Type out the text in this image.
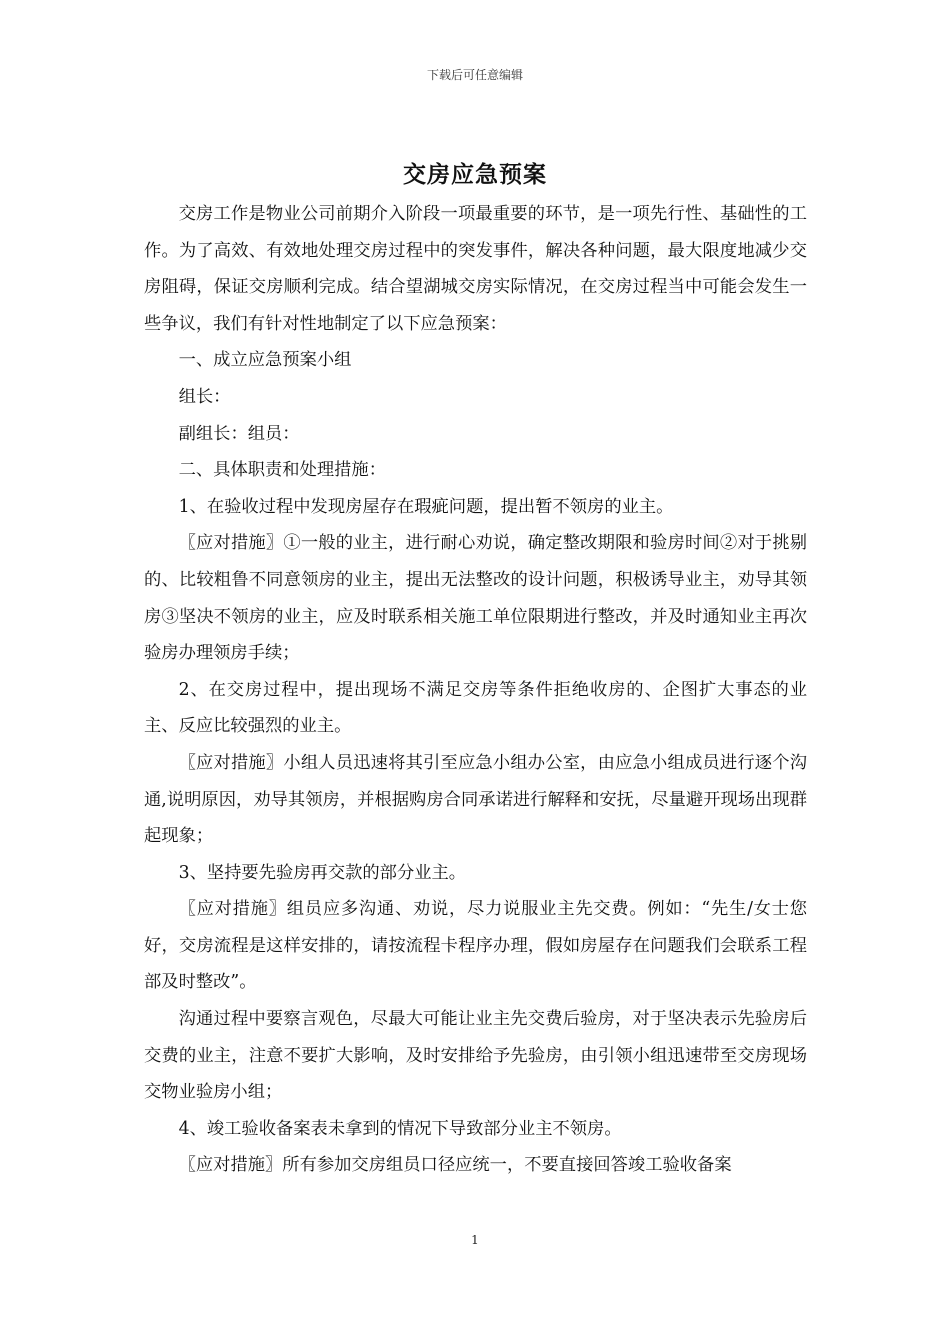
下载后可任意编辑
交房应急预案

交房工作是物业公司前期介入阶段一项最重要的环节，是一项先行性、基础性的工作。为了高效、有效地处理交房过程中的突发事件，解决各种问题，最大限度地减少交房阻碍，保证交房顺利完成。结合望湖城交房实际情况，在交房过程当中可能会发生一些争议，我们有针对性地制定了以下应急预案：

一、成立应急预案小组

组长：

副组长：组员：

二、具体职责和处理措施：

1、在验收过程中发现房屋存在瑕疵问题，提出暂不领房的业主。

〖应对措施〗①一般的业主，进行耐心劝说，确定整改期限和验房时间②对于挑剔的、比较粗鲁不同意领房的业主，提出无法整改的设计问题，积极诱导业主，劝导其领房③坚决不领房的业主，应及时联系相关施工单位限期进行整改，并及时通知业主再次验房办理领房手续；

2、在交房过程中，提出现场不满足交房等条件拒绝收房的、企图扩大事态的业主、反应比较强烈的业主。

〖应对措施〗小组人员迅速将其引至应急小组办公室，由应急小组成员进行逐个沟通,说明原因，劝导其领房，并根据购房合同承诺进行解释和安抚，尽量避开现场出现群起现象；

3、坚持要先验房再交款的部分业主。

〖应对措施〗组员应多沟通、劝说，尽力说服业主先交费。例如：“先生/女士您好，交房流程是这样安排的，请按流程卡程序办理，假如房屋存在问题我们会联系工程部及时整改”。

沟通过程中要察言观色，尽最大可能让业主先交费后验房，对于坚决表示先验房后交费的业主，注意不要扩大影响，及时安排给予先验房，由引领小组迅速带至交房现场交物业验房小组；

4、竣工验收备案表未拿到的情况下导致部分业主不领房。

〖应对措施〗所有参加交房组员口径应统一，不要直接回答竣工验收备案

1
